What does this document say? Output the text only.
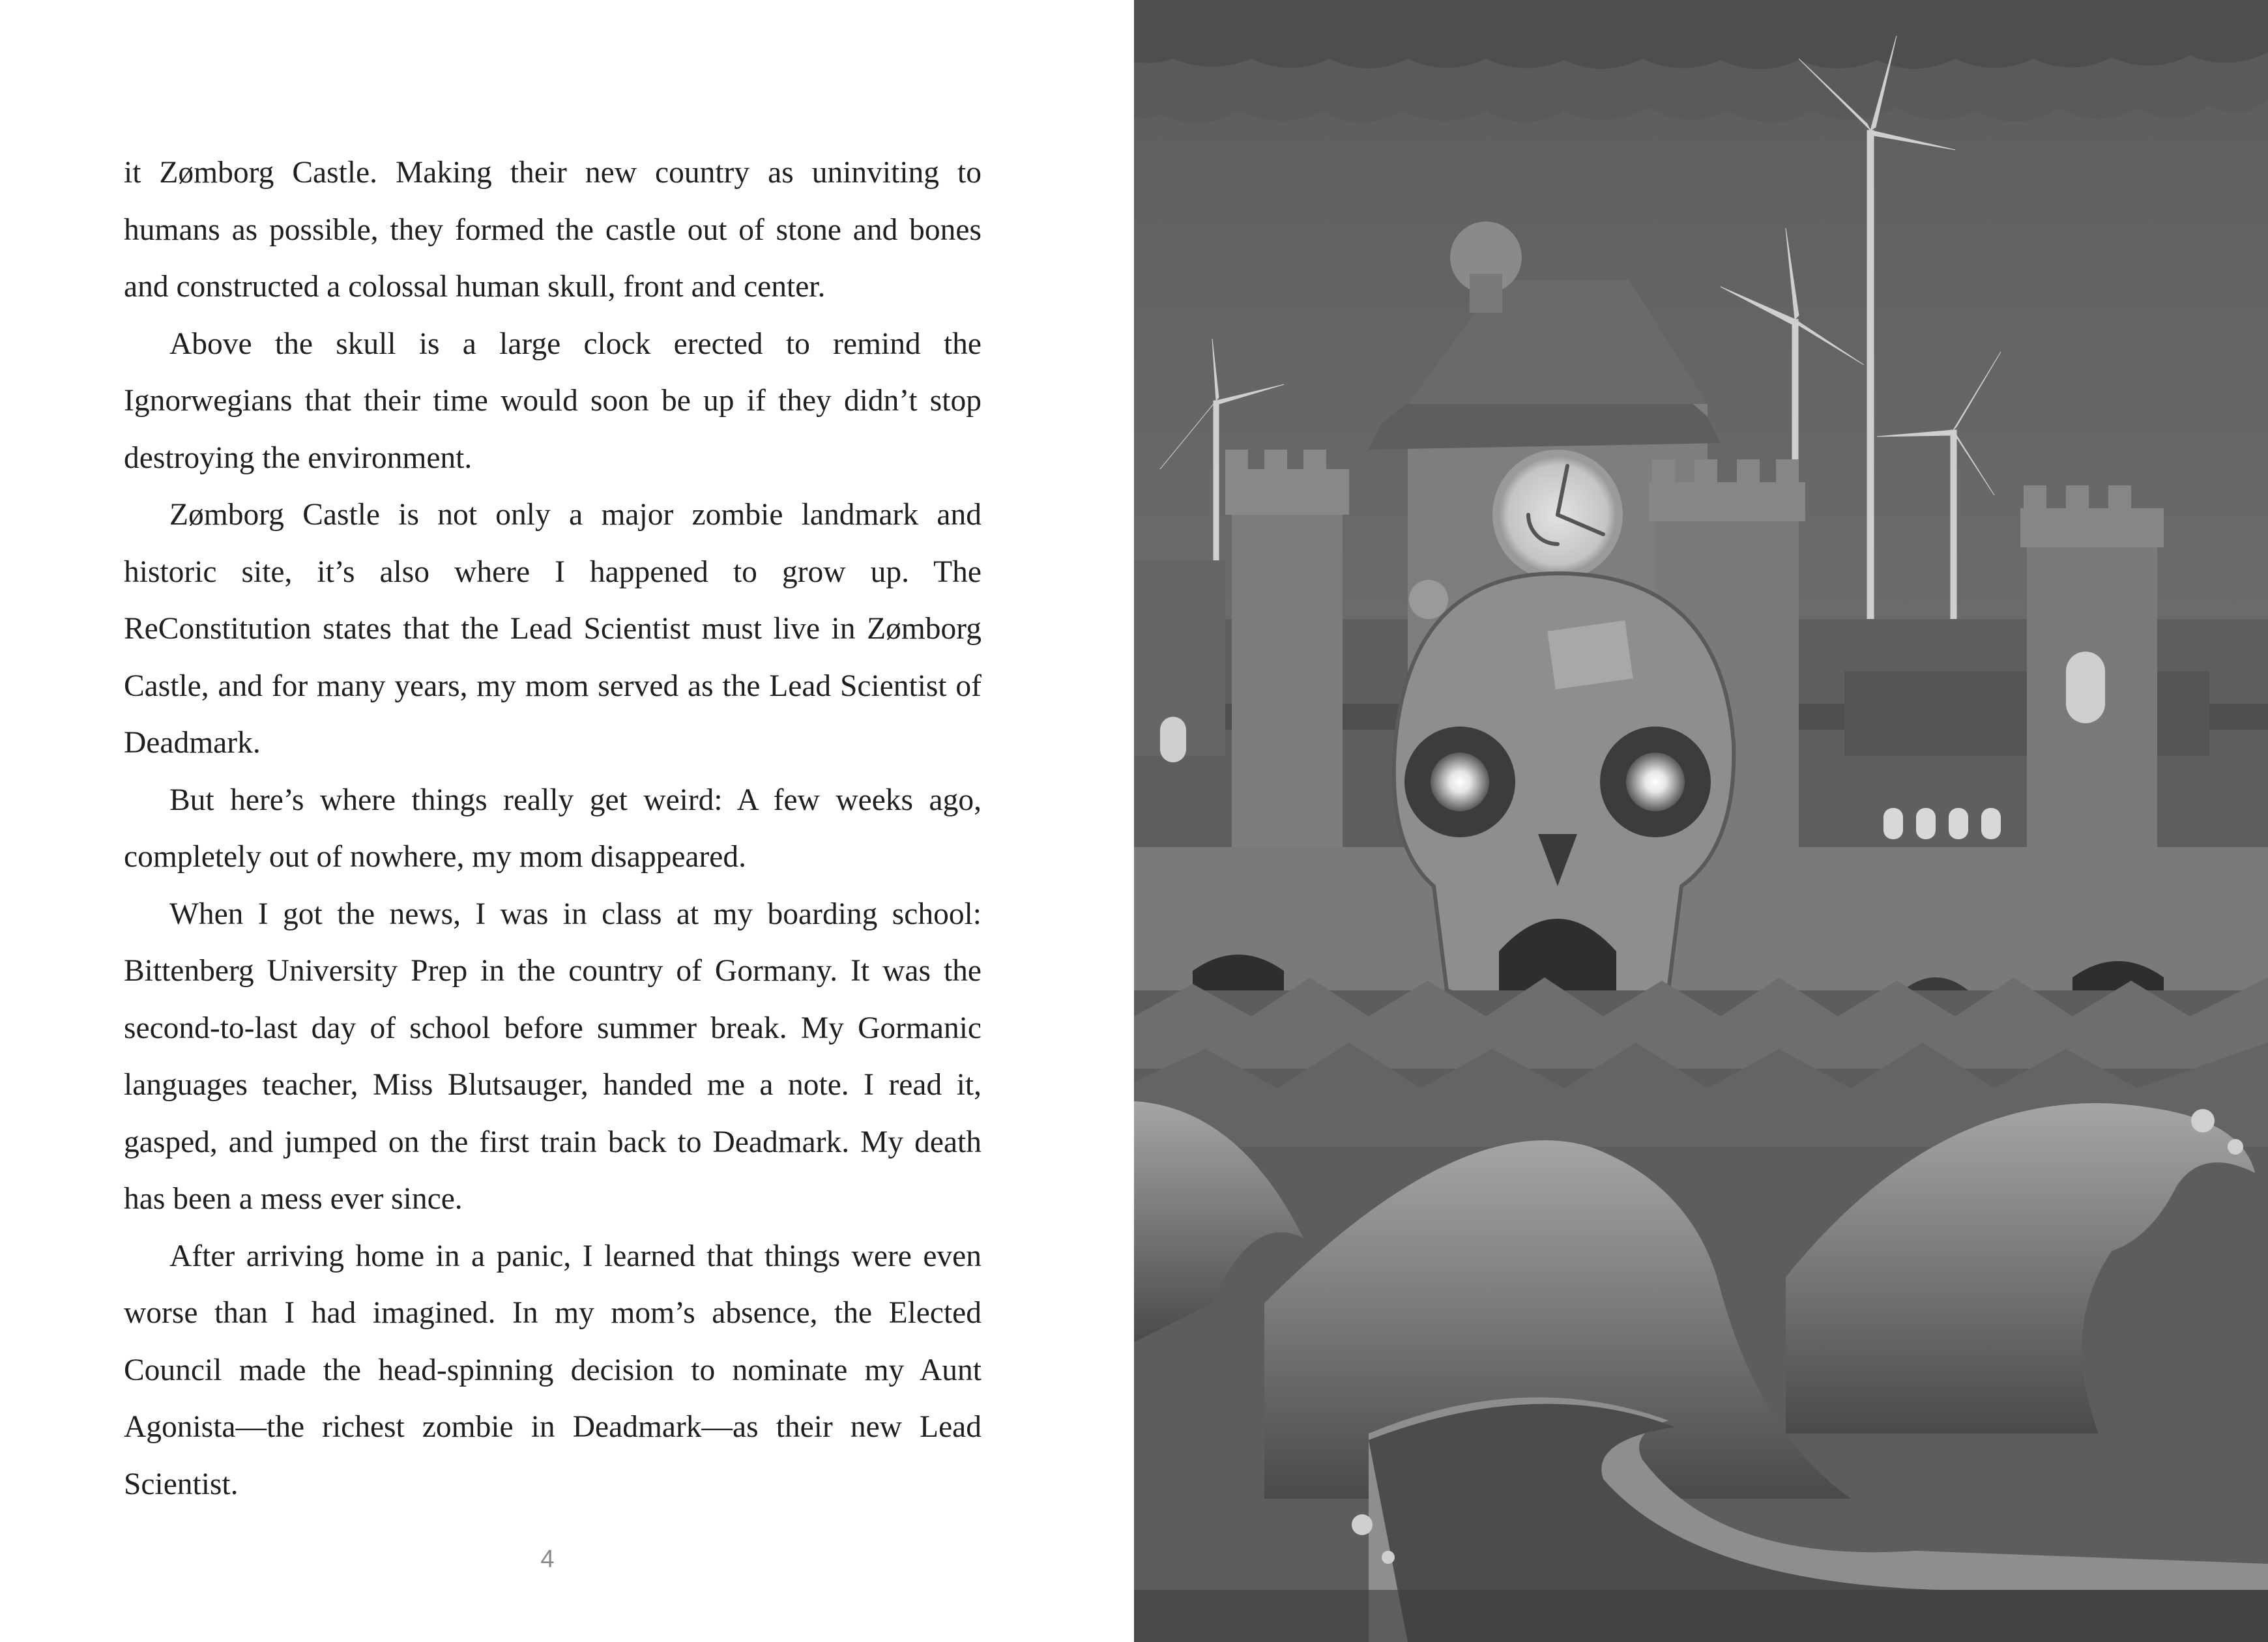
it Zømborg Castle. Making their new country as uninviting to humans as possible, they formed the castle out of stone and bones and constructed a colossal human skull, front and center.

Above the skull is a large clock erected to remind the Ignorwegians that their time would soon be up if they didn’t stop destroying the environment.

Zømborg Castle is not only a major zombie landmark and historic site, it’s also where I happened to grow up. The ReConstitution states that the Lead Scientist must live in Zømborg Castle, and for many years, my mom served as the Lead Scientist of Deadmark.

But here’s where things really get weird: A few weeks ago, completely out of nowhere, my mom disappeared.

When I got the news, I was in class at my boarding school: Bittenberg University Prep in the country of Gormany. It was the second-to-last day of school before summer break. My Gormanic languages teacher, Miss Blutsauger, handed me a note. I read it, gasped, and jumped on the first train back to Deadmark. My death has been a mess ever since.

After arriving home in a panic, I learned that things were even worse than I had imagined. In my mom’s absence, the Elected Council made the head-spinning decision to nominate my Aunt Agonista—the richest zombie in Deadmark—as their new Lead Scientist.

4
